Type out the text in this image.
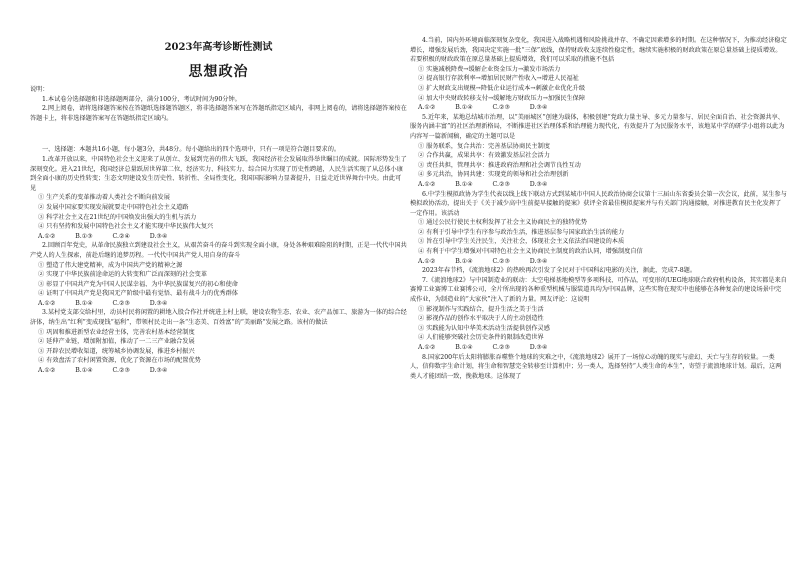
2023年高考诊断性测试
思想政治

说明：

1.本试卷分选择题和非选择题两部分，满分100分，考试时间为90分钟。

2.网上阅卷，请将选择题答案按在答题纸选择题答题区，将非选择题答案写在答题纸指定区域内，非网上阅卷的，请将选择题答案按在答题卡上，将非选择题答案写在答题纸指定区域内。

一、选择题：本题共16小题，每小题3分，共48分。每小题给出的四个选项中，只有一项是符合题目要求的。

1.改革开放以来，中国特色社会主义迎来了从创立、发展到完善的伟大飞跃，我国经济社会发展取得举世瞩目的成就。国际形势发生了深刻变化。进入21世纪，我国经济总量跃居世界第二位，经济实力、科技实力、综合国力实现了历史性跨越，人民生活实现了从总体小康到全面小康的历史性转变；生态文明建设发生历史性、转折性、全局性变化，我国国际影响力显著提升，日益走近世界舞台中央。由此可见

① 生产关系的变革推动着人类社会不断向前发展

② 发展中国家要实现发展就要走中国特色社会主义道路

③ 科学社会主义在21世纪的中国焕发出强大的生机与活力

④ 只有坚持和发展中国特色社会主义才能实现中华民族伟大复兴

A.①②          B.①③          C.②④          D.③④

2.回顾百年党史，从革命民族独立到建设社会主义，从艰苦奋斗的奋斗到实现全面小康，身处各种艰难险阻的时期，正是一代代中国共产党人的人生探索，前赴后继的追梦历程。一代代中国共产党人用自身的奋斗

① 塑造了伟大建党精神，成为中国共产党的精神之源

② 实现了中华民族前途命运的大转变和广泛而深刻的社会变革

③ 彰显了中国共产党为中国人民谋幸福、为中华民族谋复兴的初心和使命

④ 证明了中国共产党是我国无产阶级中最有觉悟、最有战斗力的优秀群体

A.①②          B.①④          C.②③          D.③④

3.某村党支部交给村里，动员村民将闲置的耕地入股合作社并统进上村上联，建设农物生态、农业、农产品加工、旅游为一体的综合经济体，纳生出“红利”变成现钱“福利”，带领村民走出一条“生态美、百姓富”的“美丽路”发展之路。该村的做法

① 巩固和推进新型农业经营主体，完善农村基本经营制度

② 延伸产业链，增加附加值，推动了一二三产业融合发展

③ 开辟农民增收渠道，统筹城乡协调发展，推进乡村振兴

④ 有效盘活了农村闲置资源，优化了资源在市场的配置优势

A.①②          B.①④          C.②③          D.③④

4.当前，国内外环境面临深刻复杂变化，我国进入战略机遇和风险挑战并存、不确定因素增多的时期。在这种情况下，为推动经济稳定增长，增强发展后劲，我国决定实施一批“三保”底线，保持财政收支连续性稳定性，继续实施积极的财政政策在原总量基础上提质增效。若要积极的财政政策在原总量基础上提质增效，我们可以采取的措施不包括

① 实施减税降费→缓解企业资金压力→激发市场活力

② 提高银行存款利率→增加居民财产性收入→增进人民福祉

③ 扩大财政支出规模→降低企业运行成本→刺激企业优化升级

④ 加大中央财政转移支付→缓解地方财政压力→加强民生保障

A.①②          B.①④          C.②③          D.③④

5.近年来，某地总结城市治理，以“美丽城区”创建为载体，积极创建“党政力量主导、多元力量参与、居民全面自治、社会资源共享、服务内涵丰富”的社区治理新格局，不断推进社区治理体系和治理能力现代化，有效提升了为民服务水平，该地某中学的研学小组将以此为内容写一篇新闻稿，确定的主题可以是

① 服务联系，复合共治：完善基层协商民主制度

② 合作共赢，成果共享：有效激发基层社会活力

③ 责任共担，管理共享：推进政府治理和社会调节良性互动

④ 多元共治，协同共建：实现党的领导和社会治理创新

A.①②          B.①④          C.②③          D.③④

6.中学生模拟政协为学生代表以线上线下联动方式到某城市中国人民政治协商会议第十三届山东省委员会第一次会议，此前，某生参与模拟政协活动，提出关于《关于减少高中生前提早接触的提案》获评全省最佳模拟提案并与有关部门沟通接触，对推进教育民主化发挥了一定作用。该活动

① 通过公民行使民主权利发挥了社会主义协商民主的独特优势

② 有利于引导中学生有序参与政治生活，推进基层参与国家政治生活的能力

③ 旨在引导中学生关注民生，关注社会，体现社会主义依法治国建设的本质

④ 有利于中学生增强对中国特色社会主义协商民主制度的政治认同，增强制度自信

A.①②          B.①④          C.②③          D.③④

2023年春节档，《流浪地球2》的热映再次引发了全民对于中国科幻电影的关注，据此，完成7-8题。

7.《流浪地球2》与中国制造业的联动：太空电梯基地模型等多项科技、可作品，可变形的UEG地球联合政府机构设备，其实都是来自赛博工业赛博工业赛博公司，全片所出现的各种重型机械与服装道具均为中国品牌，这些实物在现实中也能够在各种复杂的建设场景中完成作业，为制造业的“大家伙”注入了新的力量。网友评论：这说明

① 影视制作与实践结合，提升生活之美于生活

② 影视作品的创作水平取决于人的主动创造性

③ 实践能为认知中华美术活动生活提供创作灵感

④ 人们能够突破社会历史条件的限制改造世界

A.①②          B.①④          C.②③          D.③④

8.国家200年后太阳将膨胀吞噬整个地球的灾难之中，《流浪地球2》展开了一场惊心动魄的现实与虚幻、天亡与生存的较量。一类人，信仰数字生命计划，将生命和智慧完全转移至计算机中；另一类人，选择坚持“人类生命的本生”，寄望于流浪地球计划。最后，这两类人才能团结一致，挽救地球。这体现了
